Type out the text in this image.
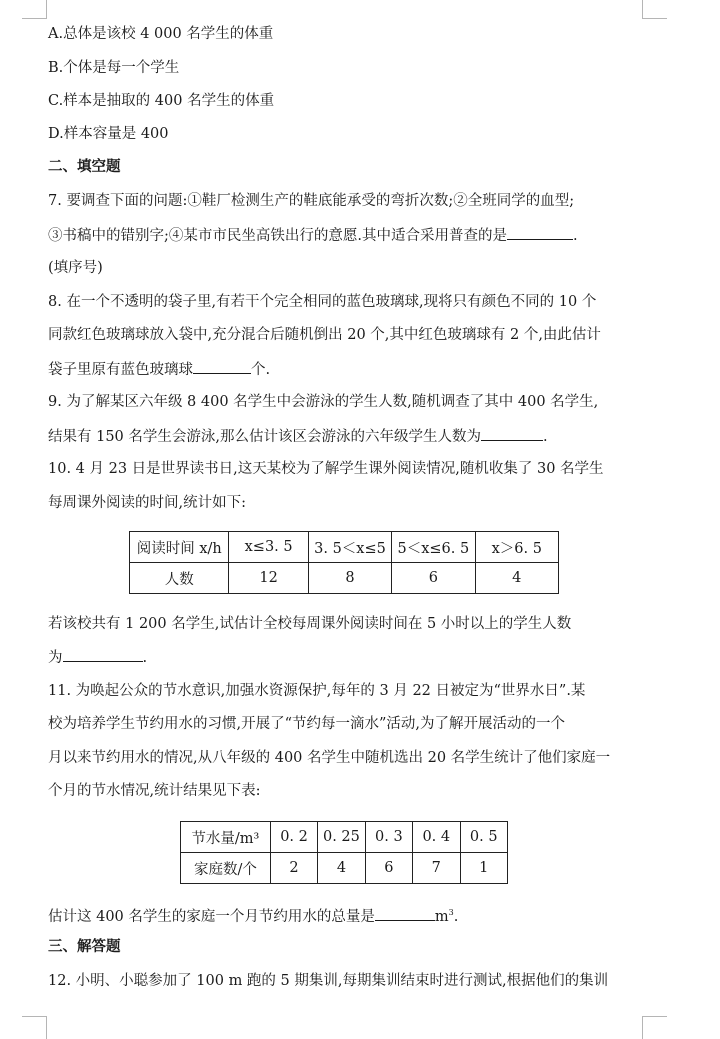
A.总体是该校 4 000 名学生的体重
B.个体是每一个学生
C.样本是抽取的 400 名学生的体重
D.样本容量是 400
二、填空题
7. 要调查下面的问题:①鞋厂检测生产的鞋底能承受的弯折次数;②全班同学的血型;
③书稿中的错别字;④某市市民坐高铁出行的意愿.其中适合采用普查的是	.
(填序号)
8. 在一个不透明的袋子里,有若干个完全相同的蓝色玻璃球,现将只有颜色不同的 10 个
同款红色玻璃球放入袋中,充分混合后随机倒出 20 个,其中红色玻璃球有 2 个,由此估计
袋子里原有蓝色玻璃球	个.
9. 为了解某区六年级 8 400 名学生中会游泳的学生人数,随机调查了其中 400 名学生,
结果有 150 名学生会游泳,那么估计该区会游泳的六年级学生人数为	.
10. 4 月 23 日是世界读书日,这天某校为了解学生课外阅读情况,随机收集了 30 名学生
每周课外阅读的时间,统计如下:
阅读时间 x/h	x≤3. 5	3. 5＜x≤5	5＜x≤6. 5	x＞6. 5
人数	12	8	6	4
若该校共有 1 200 名学生,试估计全校每周课外阅读时间在 5 小时以上的学生人数
为	.
11. 为唤起公众的节水意识,加强水资源保护,每年的 3 月 22 日被定为“世界水日”.某
校为培养学生节约用水的习惯,开展了“节约每一滴水”活动,为了解开展活动的一个
月以来节约用水的情况,从八年级的 400 名学生中随机选出 20 名学生统计了他们家庭一
个月的节水情况,统计结果见下表:
节水量/m³	0. 2	0. 25	0. 3	0. 4	0. 5
家庭数/个	2	4	6	7	1
估计这 400 名学生的家庭一个月节约用水的总量是	$m^3$.
三、解答题
12. 小明、小聪参加了 100 m 跑的 5 期集训,每期集训结束时进行测试,根据他们的集训
